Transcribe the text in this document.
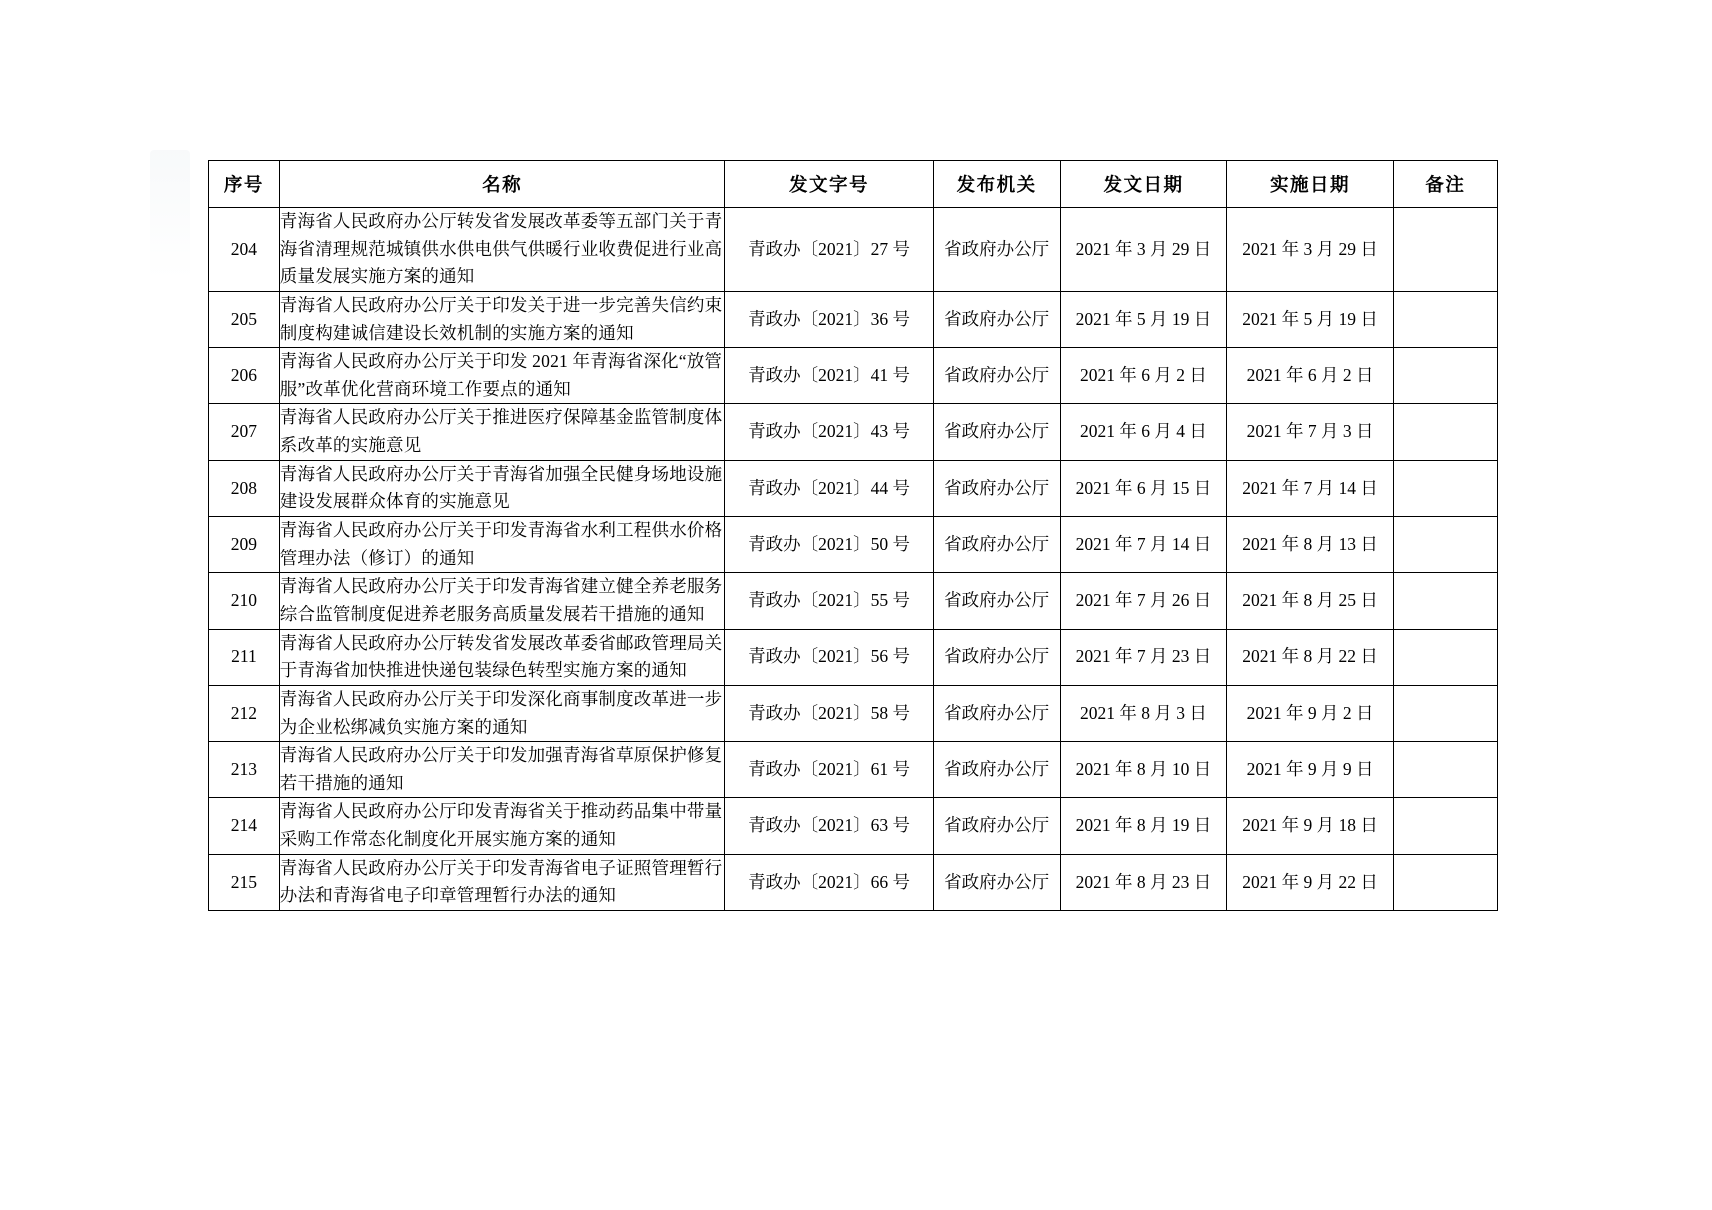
序号	名称	发文字号	发布机关	发文日期	实施日期	备注
204	青海省人民政府办公厅转发省发展改革委等五部门关于青海省清理规范城镇供水供电供气供暖行业收费促进行业高质量发展实施方案的通知	青政办〔2021〕27 号	省政府办公厅	2021 年 3 月 29 日	2021 年 3 月 29 日	
205	青海省人民政府办公厅关于印发关于进一步完善失信约束制度构建诚信建设长效机制的实施方案的通知	青政办〔2021〕36 号	省政府办公厅	2021 年 5 月 19 日	2021 年 5 月 19 日	
206	青海省人民政府办公厅关于印发 2021 年青海省深化“放管服”改革优化营商环境工作要点的通知	青政办〔2021〕41 号	省政府办公厅	2021 年 6 月 2 日	2021 年 6 月 2 日	
207	青海省人民政府办公厅关于推进医疗保障基金监管制度体系改革的实施意见	青政办〔2021〕43 号	省政府办公厅	2021 年 6 月 4 日	2021 年 7 月 3 日	
208	青海省人民政府办公厅关于青海省加强全民健身场地设施建设发展群众体育的实施意见	青政办〔2021〕44 号	省政府办公厅	2021 年 6 月 15 日	2021 年 7 月 14 日	
209	青海省人民政府办公厅关于印发青海省水利工程供水价格管理办法（修订）的通知	青政办〔2021〕50 号	省政府办公厅	2021 年 7 月 14 日	2021 年 8 月 13 日	
210	青海省人民政府办公厅关于印发青海省建立健全养老服务综合监管制度促进养老服务高质量发展若干措施的通知	青政办〔2021〕55 号	省政府办公厅	2021 年 7 月 26 日	2021 年 8 月 25 日	
211	青海省人民政府办公厅转发省发展改革委省邮政管理局关于青海省加快推进快递包装绿色转型实施方案的通知	青政办〔2021〕56 号	省政府办公厅	2021 年 7 月 23 日	2021 年 8 月 22 日	
212	青海省人民政府办公厅关于印发深化商事制度改革进一步为企业松绑减负实施方案的通知	青政办〔2021〕58 号	省政府办公厅	2021 年 8 月 3 日	2021 年 9 月 2 日	
213	青海省人民政府办公厅关于印发加强青海省草原保护修复若干措施的通知	青政办〔2021〕61 号	省政府办公厅	2021 年 8 月 10 日	2021 年 9 月 9 日	
214	青海省人民政府办公厅印发青海省关于推动药品集中带量采购工作常态化制度化开展实施方案的通知	青政办〔2021〕63 号	省政府办公厅	2021 年 8 月 19 日	2021 年 9 月 18 日	
215	青海省人民政府办公厅关于印发青海省电子证照管理暂行办法和青海省电子印章管理暂行办法的通知	青政办〔2021〕66 号	省政府办公厅	2021 年 8 月 23 日	2021 年 9 月 22 日	
